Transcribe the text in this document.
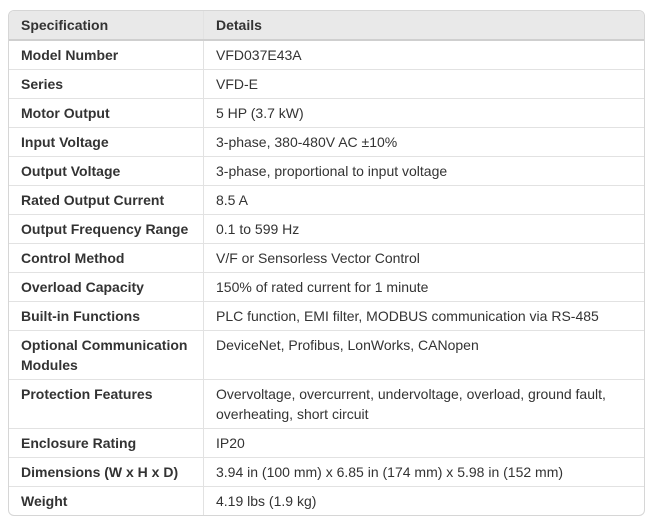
Specification	Details
Model Number	VFD037E43A
Series	VFD-E
Motor Output	5 HP (3.7 kW)
Input Voltage	3-phase, 380-480V AC ±10%
Output Voltage	3-phase, proportional to input voltage
Rated Output Current	8.5 A
Output Frequency Range	0.1 to 599 Hz
Control Method	V/F or Sensorless Vector Control
Overload Capacity	150% of rated current for 1 minute
Built-in Functions	PLC function, EMI filter, MODBUS communication via RS-485
Optional Communication Modules	DeviceNet, Profibus, LonWorks, CANopen
Protection Features	Overvoltage, overcurrent, undervoltage, overload, ground fault, overheating, short circuit
Enclosure Rating	IP20
Dimensions (W x H x D)	3.94 in (100 mm) x 6.85 in (174 mm) x 5.98 in (152 mm)
Weight	4.19 lbs (1.9 kg)
